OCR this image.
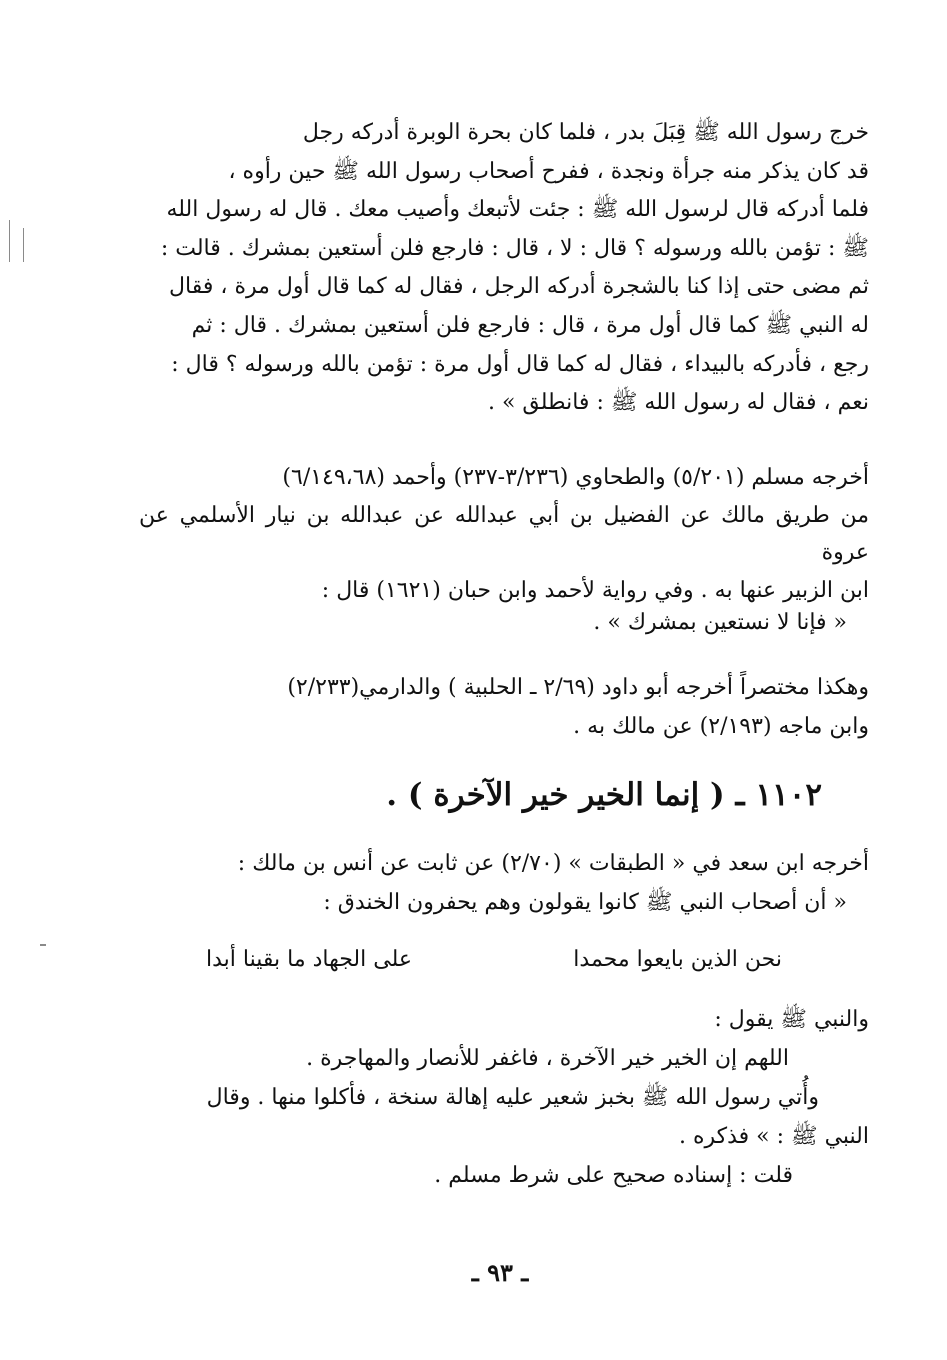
خرج رسول الله ﷺ قِبَلَ بدر ، فلما كان بحرة الوبرة أدركه رجل

قد كان يذكر منه جرأة ونجدة ، ففرح أصحاب رسول الله ﷺ حين رأوه ،

فلما أدركه قال لرسول الله ﷺ : جئت لأتبعك وأصيب معك . قال له رسول الله

ﷺ : تؤمن بالله ورسوله ؟ قال : لا ، قال : فارجع فلن أستعين بمشرك . قالت :

ثم مضى حتى إذا كنا بالشجرة أدركه الرجل ، فقال له كما قال أول مرة ، فقال

له النبي ﷺ كما قال أول مرة ، قال : فارجع فلن أستعين بمشرك . قال : ثم

رجع ، فأدركه بالبيداء ، فقال له كما قال أول مرة : تؤمن بالله ورسوله ؟ قال :

نعم ، فقال له رسول الله ﷺ : فانطلق » .

أخرجه مسلم (٥/٢٠١) والطحاوي (٣/٢٣٦-٢٣٧) وأحمد (٦/١٤٩،٦٨)

من طريق مالك عن الفضيل بن أبي عبدالله عن عبدالله بن نيار الأسلمي عن عروة

ابن الزبير عنها به . وفي رواية لأحمد وابن حبان (١٦٢١) قال :

« فإنا لا نستعين بمشرك » .

وهكذا مختصراً أخرجه أبو داود (٢/٦٩ ـ الحلبية ) والدارمي(٢/٢٣٣)

وابن ماجه (٢/١٩٣) عن مالك به .

١١٠٢ ـ ( إنما الخير خير الآخرة ) .

أخرجه ابن سعد في « الطبقات » (٢/٧٠) عن ثابت عن أنس بن مالك :

« أن أصحاب النبي ﷺ كانوا يقولون وهم يحفرون الخندق :

نحن الذين بايعوا محمدا
على الجهاد ما بقينا أبدا

والنبي ﷺ يقول :

اللهم إن الخير خير الآخرة ، فاغفر للأنصار والمهاجرة .

وأُتي رسول الله ﷺ بخبز شعير عليه إهالة سنخة ، فأكلوا منها . وقال

النبي ﷺ : » فذكره .

قلت : إسناده صحيح على شرط مسلم .

ـ ٩٣ ـ
